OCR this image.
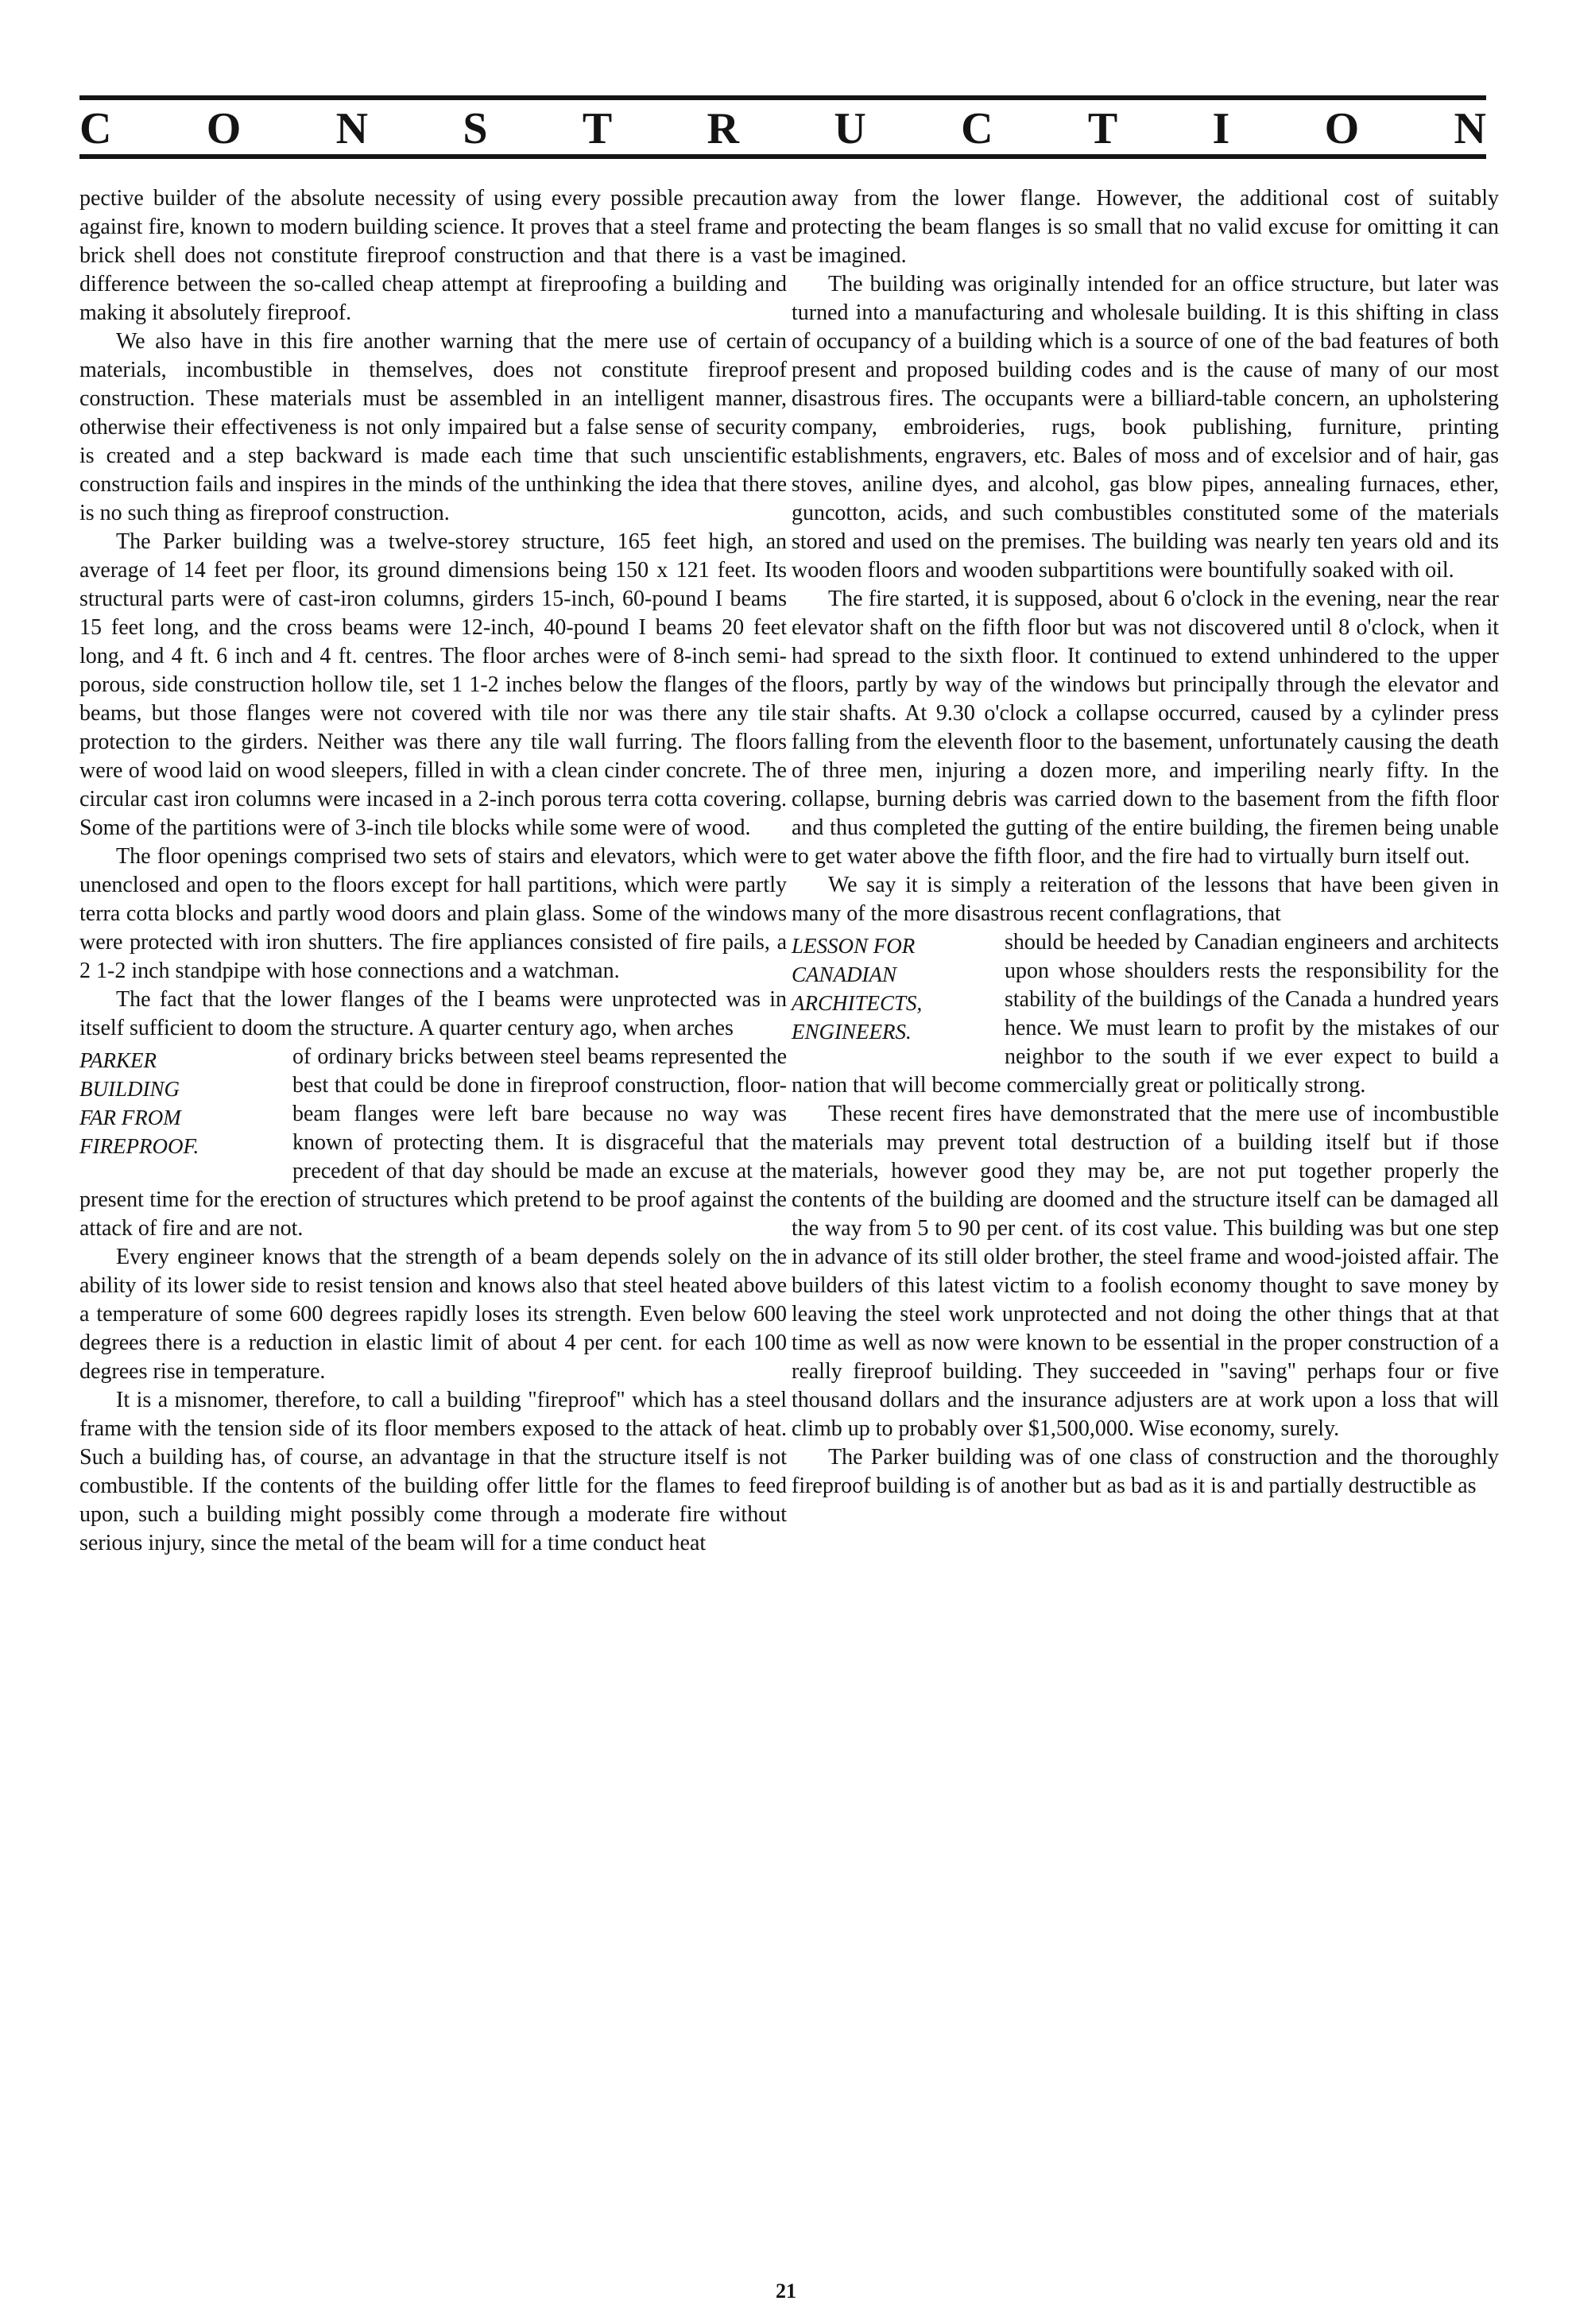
C O N S T R U C T I O N

pective builder of the absolute necessity of using every possible precaution against fire, known to modern building science. It proves that a steel frame and brick shell does not constitute fireproof construction and that there is a vast difference between the so-called cheap attempt at fireproofing a building and making it absolutely fireproof.

We also have in this fire another warning that the mere use of certain materials, incombustible in themselves, does not constitute fireproof construction. These materials must be assembled in an intelligent manner, otherwise their effectiveness is not only impaired but a false sense of security is created and a step backward is made each time that such unscientific construction fails and inspires in the minds of the unthinking the idea that there is no such thing as fireproof construction.

The Parker building was a twelve-storey structure, 165 feet high, an average of 14 feet per floor, its ground dimensions being 150 x 121 feet. Its structural parts were of cast-iron columns, girders 15-inch, 60-pound I beams 15 feet long, and the cross beams were 12-inch, 40-pound I beams 20 feet long, and 4 ft. 6 inch and 4 ft. centres. The floor arches were of 8-inch semi-porous, side construction hollow tile, set 1 1-2 inches below the flanges of the beams, but those flanges were not covered with tile nor was there any tile protection to the girders. Neither was there any tile wall furring. The floors were of wood laid on wood sleepers, filled in with a clean cinder concrete. The circular cast iron columns were incased in a 2-inch porous terra cotta covering. Some of the partitions were of 3-inch tile blocks while some were of wood.

The floor openings comprised two sets of stairs and elevators, which were unenclosed and open to the floors except for hall partitions, which were partly terra cotta blocks and partly wood doors and plain glass. Some of the windows were protected with iron shutters. The fire appliances consisted of fire pails, a 2 1-2 inch standpipe with hose connections and a watchman.

The fact that the lower flanges of the I beams were unprotected was in itself sufficient to doom the structure. A quarter century ago, when arches

PARKER
BUILDING
FAR FROM
FIREPROOF.

of ordinary bricks between steel beams represented the best that could be done in fireproof construction, floor-beam flanges were left bare because no way was known of protecting them. It is disgraceful that the precedent of that day should be made an excuse at the present time for the erection of structures which pretend to be proof against the attack of fire and are not.

Every engineer knows that the strength of a beam depends solely on the ability of its lower side to resist tension and knows also that steel heated above a temperature of some 600 degrees rapidly loses its strength. Even below 600 degrees there is a reduction in elastic limit of about 4 per cent. for each 100 degrees rise in temperature.

It is a misnomer, therefore, to call a building "fireproof" which has a steel frame with the tension side of its floor members exposed to the attack of heat. Such a building has, of course, an advantage in that the structure itself is not combustible. If the contents of the building offer little for the flames to feed upon, such a building might possibly come through a moderate fire without serious injury, since the metal of the beam will for a time conduct heat

away from the lower flange. However, the additional cost of suitably protecting the beam flanges is so small that no valid excuse for omitting it can be imagined.

The building was originally intended for an office structure, but later was turned into a manufacturing and wholesale building. It is this shifting in class of occupancy of a building which is a source of one of the bad features of both present and proposed building codes and is the cause of many of our most disastrous fires. The occupants were a billiard-table concern, an upholstering company, embroideries, rugs, book publishing, furniture, printing establishments, engravers, etc. Bales of moss and of excelsior and of hair, gas stoves, aniline dyes, and alcohol, gas blow pipes, annealing furnaces, ether, guncotton, acids, and such combustibles constituted some of the materials stored and used on the premises. The building was nearly ten years old and its wooden floors and wooden subpartitions were bountifully soaked with oil.

The fire started, it is supposed, about 6 o'clock in the evening, near the rear elevator shaft on the fifth floor but was not discovered until 8 o'clock, when it had spread to the sixth floor. It continued to extend unhindered to the upper floors, partly by way of the windows but principally through the elevator and stair shafts. At 9.30 o'clock a collapse occurred, caused by a cylinder press falling from the eleventh floor to the basement, unfortunately causing the death of three men, injuring a dozen more, and imperiling nearly fifty. In the collapse, burning debris was carried down to the basement from the fifth floor and thus completed the gutting of the entire building, the firemen being unable to get water above the fifth floor, and the fire had to virtually burn itself out.

We say it is simply a reiteration of the lessons that have been given in many of the more disastrous recent conflagrations, that

LESSON FOR
CANADIAN
ARCHITECTS,
ENGINEERS.

should be heeded by Canadian engineers and architects upon whose shoulders rests the responsibility for the stability of the buildings of the Canada a hundred years hence. We must learn to profit by the mistakes of our neighbor to the south if we ever expect to build a nation that will become commercially great or politically strong.

These recent fires have demonstrated that the mere use of incombustible materials may prevent total destruction of a building itself but if those materials, however good they may be, are not put together properly the contents of the building are doomed and the structure itself can be damaged all the way from 5 to 90 per cent. of its cost value. This building was but one step in advance of its still older brother, the steel frame and wood-joisted affair. The builders of this latest victim to a foolish economy thought to save money by leaving the steel work unprotected and not doing the other things that at that time as well as now were known to be essential in the proper construction of a really fireproof building. They succeeded in "saving" perhaps four or five thousand dollars and the insurance adjusters are at work upon a loss that will climb up to probably over $1,500,000. Wise economy, surely.

The Parker building was of one class of construction and the thoroughly fireproof building is of another but as bad as it is and partially destructible as

21
